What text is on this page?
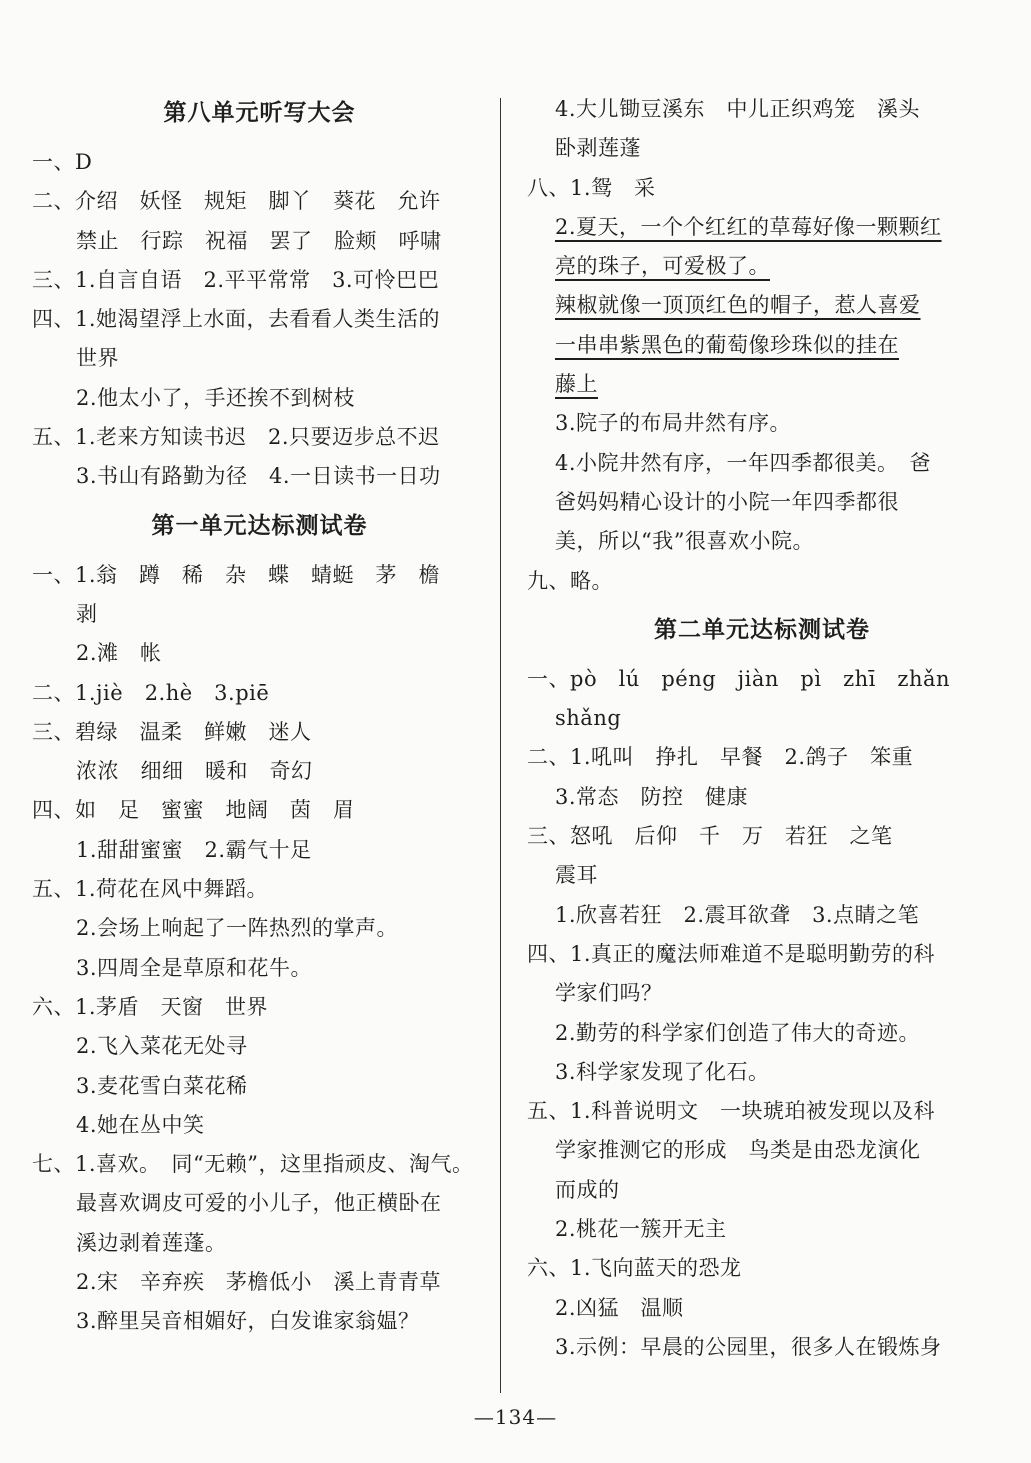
第八单元听写大会
一、D
二、介绍　妖怪　规矩　脚丫　葵花　允许
禁止　行踪　祝福　罢了　脸颊　呼啸
三、1.自言自语　2.平平常常　3.可怜巴巴
四、1.她渴望浮上水面，去看看人类生活的
世界
2.他太小了，手还挨不到树枝
五、1.老来方知读书迟　2.只要迈步总不迟
3.书山有路勤为径　4.一日读书一日功
第一单元达标测试卷
一、1.翁　蹲　稀　杂　蝶　蜻蜓　茅　檐
剥
2.滩　帐
二、1.jiè　2.hè　3.piē
三、碧绿　温柔　鲜嫩　迷人
浓浓　细细　暖和　奇幻
四、如　足　蜜蜜　地阔　茵　眉
1.甜甜蜜蜜　2.霸气十足
五、1.荷花在风中舞蹈。
2.会场上响起了一阵热烈的掌声。
3.四周全是草原和花牛。
六、1.茅盾　天窗　世界
2.飞入菜花无处寻
3.麦花雪白菜花稀
4.她在丛中笑
七、1.喜欢。　同“无赖”，这里指顽皮、淘气。
最喜欢调皮可爱的小儿子，他正横卧在
溪边剥着莲蓬。
2.宋　辛弃疾　茅檐低小　溪上青青草
3.醉里吴音相媚好，白发谁家翁媪？
4.大儿锄豆溪东　中儿正织鸡笼　溪头
卧剥莲蓬
八、1.鸳　采
2.夏天，一个个红红的草莓好像一颗颗红
亮的珠子，可爱极了。
辣椒就像一顶顶红色的帽子，惹人喜爱
一串串紫黑色的葡萄像珍珠似的挂在
藤上
3.院子的布局井然有序。
4.小院井然有序，一年四季都很美。　爸
爸妈妈精心设计的小院一年四季都很
美，所以“我”很喜欢小院。
九、略。
第二单元达标测试卷
一、pò　lú　péng　jiàn　pì　zhī　zhǎn
shǎng
二、1.吼叫　挣扎　早餐　2.鸽子　笨重
3.常态　防控　健康
三、怒吼　后仰　千　万　若狂　之笔
震耳
1.欣喜若狂　2.震耳欲聋　3.点睛之笔
四、1.真正的魔法师难道不是聪明勤劳的科
学家们吗？
2.勤劳的科学家们创造了伟大的奇迹。
3.科学家发现了化石。
五、1.科普说明文　一块琥珀被发现以及科
学家推测它的形成　鸟类是由恐龙演化
而成的
2.桃花一簇开无主
六、1.飞向蓝天的恐龙
2.凶猛　温顺
3.示例：早晨的公园里，很多人在锻炼身
—134—
